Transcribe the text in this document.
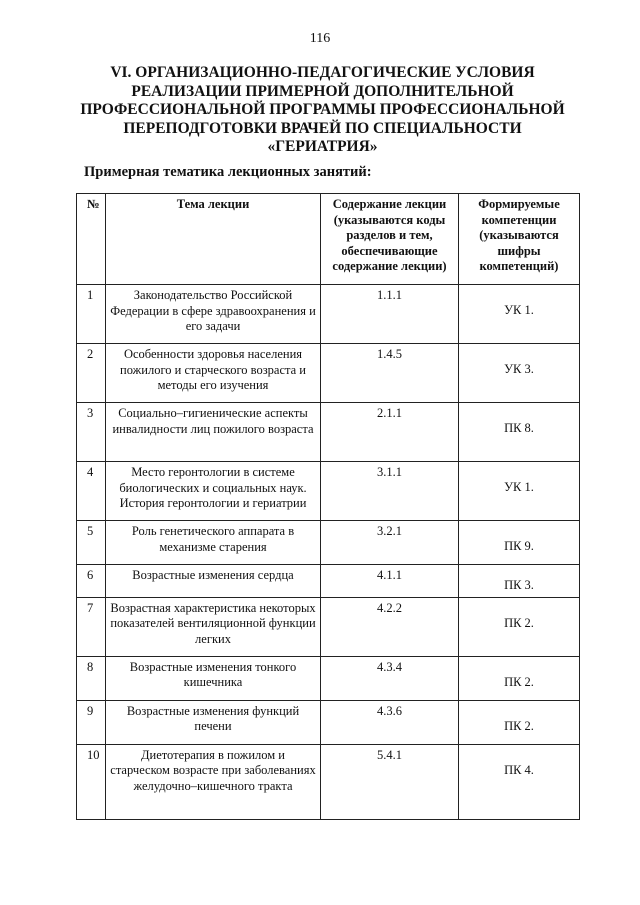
116
VI. ОРГАНИЗАЦИОННО-ПЕДАГОГИЧЕСКИЕ УСЛОВИЯ
РЕАЛИЗАЦИИ ПРИМЕРНОЙ ДОПОЛНИТЕЛЬНОЙ
ПРОФЕССИОНАЛЬНОЙ ПРОГРАММЫ ПРОФЕССИОНАЛЬНОЙ
ПЕРЕПОДГОТОВКИ ВРАЧЕЙ ПО СПЕЦИАЛЬНОСТИ
«ГЕРИАТРИЯ»
Примерная тематика лекционных занятий:
№	Тема лекции	Содержание лекции (указываются коды разделов и тем, обеспечивающие содержание лекции)	Формируемые компетенции (указываются шифры компетенций)
1	Законодательство Российской Федерации в сфере здравоохранения и его задачи	1.1.1	УК 1.

2	Особенности здоровья населения пожилого и старческого возраста и методы его изучения	1.4.5	УК 3.

3	Социально–гигиенические аспекты инвалидности лиц пожилого возраста	2.1.1	ПК 8.

4	Место геронтологии в системе биологических и социальных наук. История геронтологии и гериатрии	3.1.1	УК 1.

5	Роль генетического аппарата в механизме старения	3.2.1	ПК 9.

6	Возрастные изменения сердца	4.1.1	ПК 3.

7	Возрастная характеристика некоторых показателей вентиляционной функции легких	4.2.2	ПК 2.

8	Возрастные изменения тонкого кишечника	4.3.4	ПК 2.

9	Возрастные изменения функций печени	4.3.6	ПК 2.

10	Диетотерапия в пожилом и старческом возрасте при заболеваниях желудочно–кишечного тракта	5.4.1	ПК 4.
